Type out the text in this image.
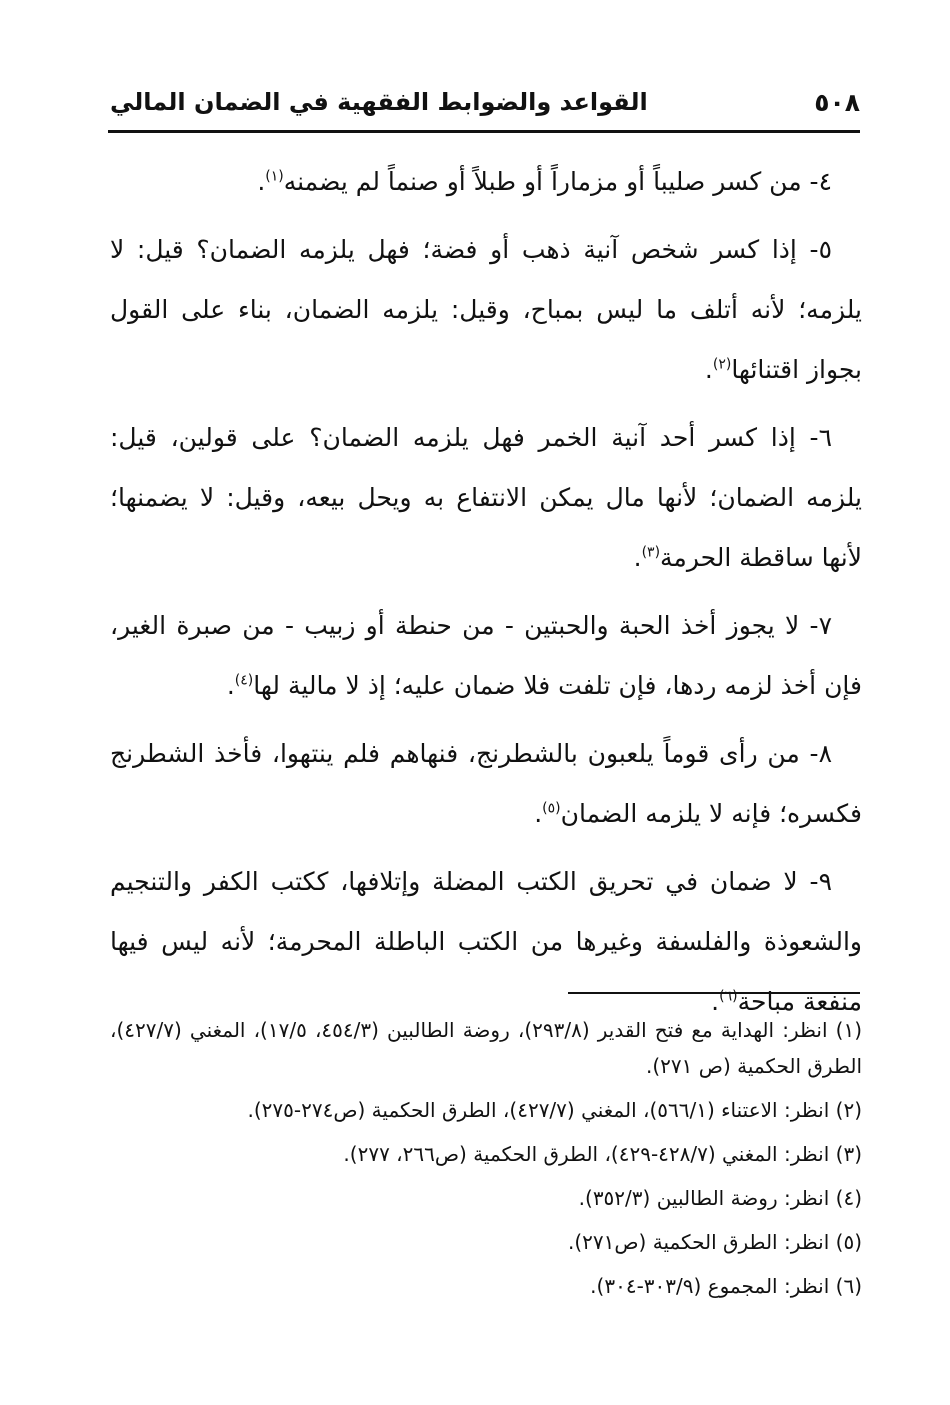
٥٠٨
القواعد والضوابط الفقهية في الضمان المالي

٤- من كسر صليباً أو مزماراً أو طبلاً أو صنماً لم يضمنه$^{(١)}$.

٥- إذا كسر شخص آنية ذهب أو فضة؛ فهل يلزمه الضمان؟ قيل: لا يلزمه؛ لأنه أتلف ما ليس بمباح، وقيل: يلزمه الضمان، بناء على القول بجواز اقتنائها$^{(٢)}$.

٦- إذا كسر أحد آنية الخمر فهل يلزمه الضمان؟ على قولين، قيل: يلزمه الضمان؛ لأنها مال يمكن الانتفاع به ويحل بيعه، وقيل: لا يضمنها؛ لأنها ساقطة الحرمة$^{(٣)}$.

٧- لا يجوز أخذ الحبة والحبتين - من حنطة أو زبيب - من صبرة الغير، فإن أخذ لزمه ردها، فإن تلفت فلا ضمان عليه؛ إذ لا مالية لها$^{(٤)}$.

٨- من رأى قوماً يلعبون بالشطرنج، فنهاهم فلم ينتهوا، فأخذ الشطرنج فكسره؛ فإنه لا يلزمه الضمان$^{(٥)}$.

٩- لا ضمان في تحريق الكتب المضلة وإتلافها، ككتب الكفر والتنجيم والشعوذة والفلسفة وغيرها من الكتب الباطلة المحرمة؛ لأنه ليس فيها منفعة مباحة$^{(٦)}$.

(١) انظر: الهداية مع فتح القدير (٢٩٣/٨)، روضة الطالبين (٤٥٤/٣، ١٧/٥)، المغني (٤٢٧/٧)، الطرق الحكمية (ص ٢٧١).

(٢) انظر: الاعتناء (٥٦٦/١)، المغني (٤٢٧/٧)، الطرق الحكمية (ص٢٧٤-٢٧٥).

(٣) انظر: المغني (٤٢٨/٧-٤٢٩)، الطرق الحكمية (ص٢٦٦، ٢٧٧).

(٤) انظر: روضة الطالبين (٣٥٢/٣).

(٥) انظر: الطرق الحكمية (ص٢٧١).

(٦) انظر: المجموع (٣٠٣/٩-٣٠٤).
